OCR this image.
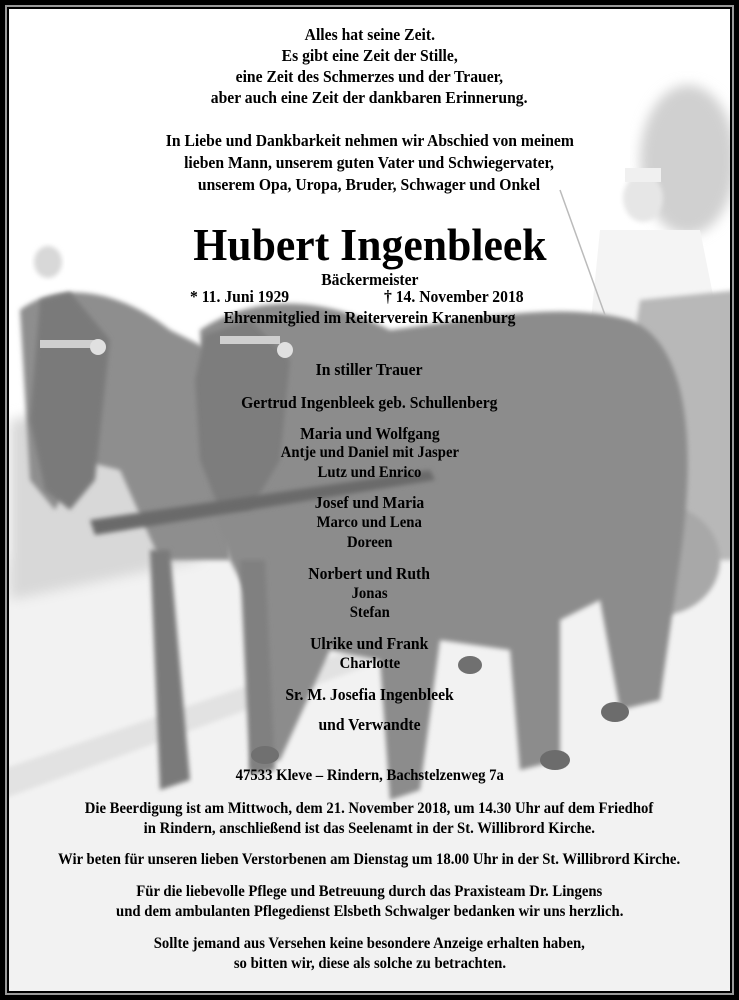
Alles hat seine Zeit.
Es gibt eine Zeit der Stille,
eine Zeit des Schmerzes und der Trauer,
aber auch eine Zeit der dankbaren Erinnerung.
In Liebe und Dankbarkeit nehmen wir Abschied von meinem
lieben Mann, unserem guten Vater und Schwiegervater,
unserem Opa, Uropa, Bruder, Schwager und Onkel
Hubert Ingenbleek
Bäckermeister
* 11. Juni 1929	† 14. November 2018
Ehrenmitglied im Reiterverein Kranenburg
In stiller Trauer
Gertrud Ingenbleek geb. Schullenberg
Maria und Wolfgang
Antje und Daniel mit Jasper
Lutz und Enrico
Josef und Maria
Marco und Lena
Doreen
Norbert und Ruth
Jonas
Stefan
Ulrike und Frank
Charlotte
Sr. M. Josefia Ingenbleek
und Verwandte
47533 Kleve – Rindern, Bachstelzenweg 7a
Die Beerdigung ist am Mittwoch, dem 21. November 2018, um 14.30 Uhr auf dem Friedhof
in Rindern, anschließend ist das Seelenamt in der St. Willibrord Kirche.
Wir beten für unseren lieben Verstorbenen am Dienstag um 18.00 Uhr in der St. Willibrord Kirche.
Für die liebevolle Pflege und Betreuung durch das Praxisteam Dr. Lingens
und dem ambulanten Pflegedienst Elsbeth Schwalger bedanken wir uns herzlich.
Sollte jemand aus Versehen keine besondere Anzeige erhalten haben,
so bitten wir, diese als solche zu betrachten.
